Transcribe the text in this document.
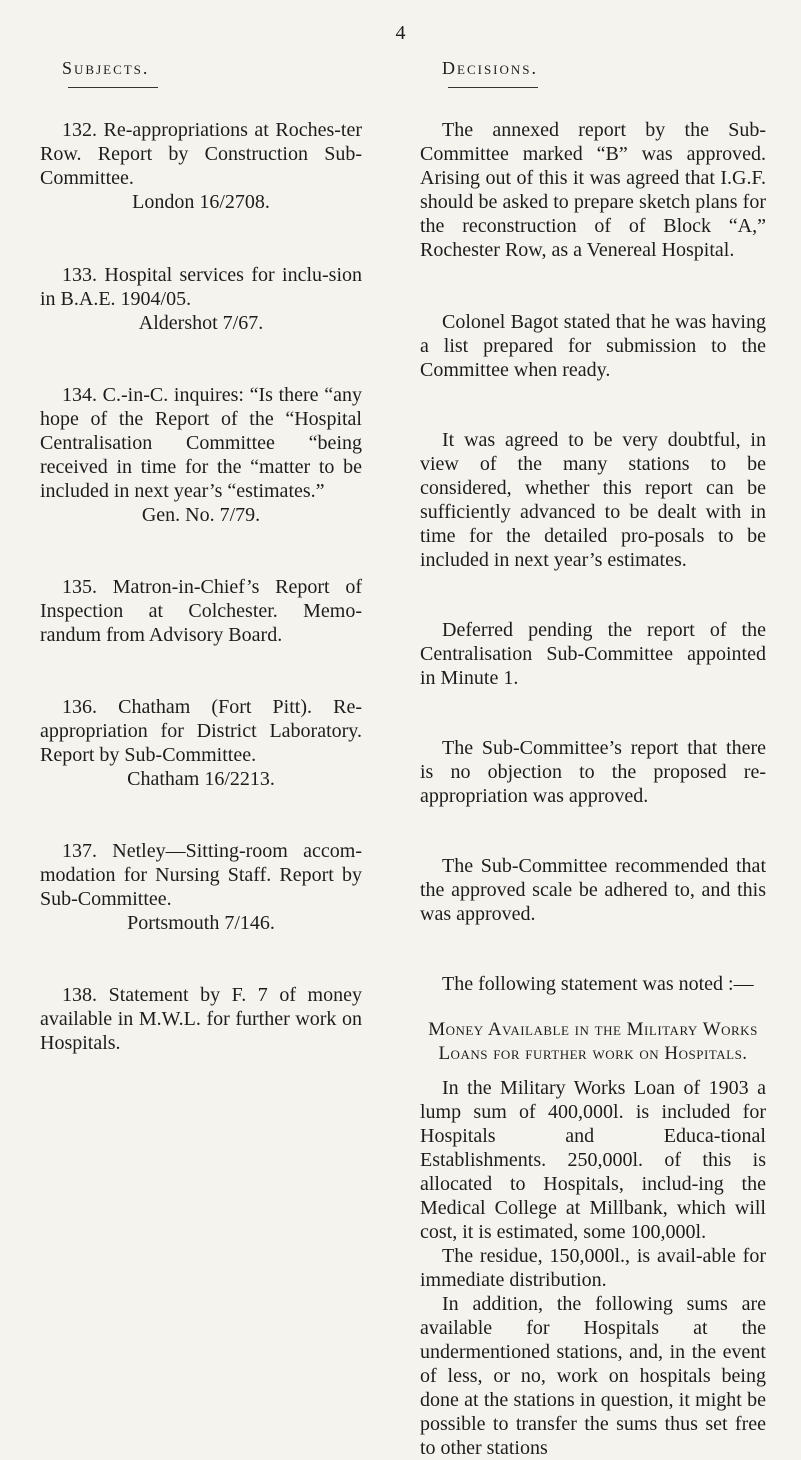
4
Subjects.
132. Re-appropriations at Roches-ter Row. Report by Construction Sub-Committee.
London 16/2708.
133. Hospital services for inclu-sion in B.A.E. 1904/05.
Aldershot 7/67.
134. C.-in-C. inquires: “Is there “any hope of the Report of the “Hospital Centralisation Committee “being received in time for the “matter to be included in next year’s “estimates.”
Gen. No. 7/79.
135. Matron-in-Chief’s Report of Inspection at Colchester. Memo-randum from Advisory Board.
136. Chatham (Fort Pitt). Re-appropriation for District Laboratory. Report by Sub-Committee.
Chatham 16/2213.
137. Netley—Sitting-room accom-modation for Nursing Staff. Report by Sub-Committee.
Portsmouth 7/146.
138. Statement by F. 7 of money available in M.W.L. for further work on Hospitals.
Decisions.
The annexed report by the Sub-Committee marked “B” was approved. Arising out of this it was agreed that I.G.F. should be asked to prepare sketch plans for the reconstruction of of Block “A,” Rochester Row, as a Venereal Hospital.
Colonel Bagot stated that he was having a list prepared for submission to the Committee when ready.
It was agreed to be very doubtful, in view of the many stations to be considered, whether this report can be sufficiently advanced to be dealt with in time for the detailed pro-posals to be included in next year’s estimates.
Deferred pending the report of the Centralisation Sub-Committee appointed in Minute 1.
The Sub-Committee’s report that there is no objection to the proposed re-appropriation was approved.
The Sub-Committee recommended that the approved scale be adhered to, and this was approved.
The following statement was noted :—
Money Available in the Military Works Loans for further work on Hospitals.
In the Military Works Loan of 1903 a lump sum of 400,000l. is included for Hospitals and Educa-tional Establishments. 250,000l. of this is allocated to Hospitals, includ-ing the Medical College at Millbank, which will cost, it is estimated, some 100,000l.
The residue, 150,000l., is avail-able for immediate distribution.
In addition, the following sums are available for Hospitals at the undermentioned stations, and, in the event of less, or no, work on hospitals being done at the stations in question, it might be possible to transfer the sums thus set free to other stations
